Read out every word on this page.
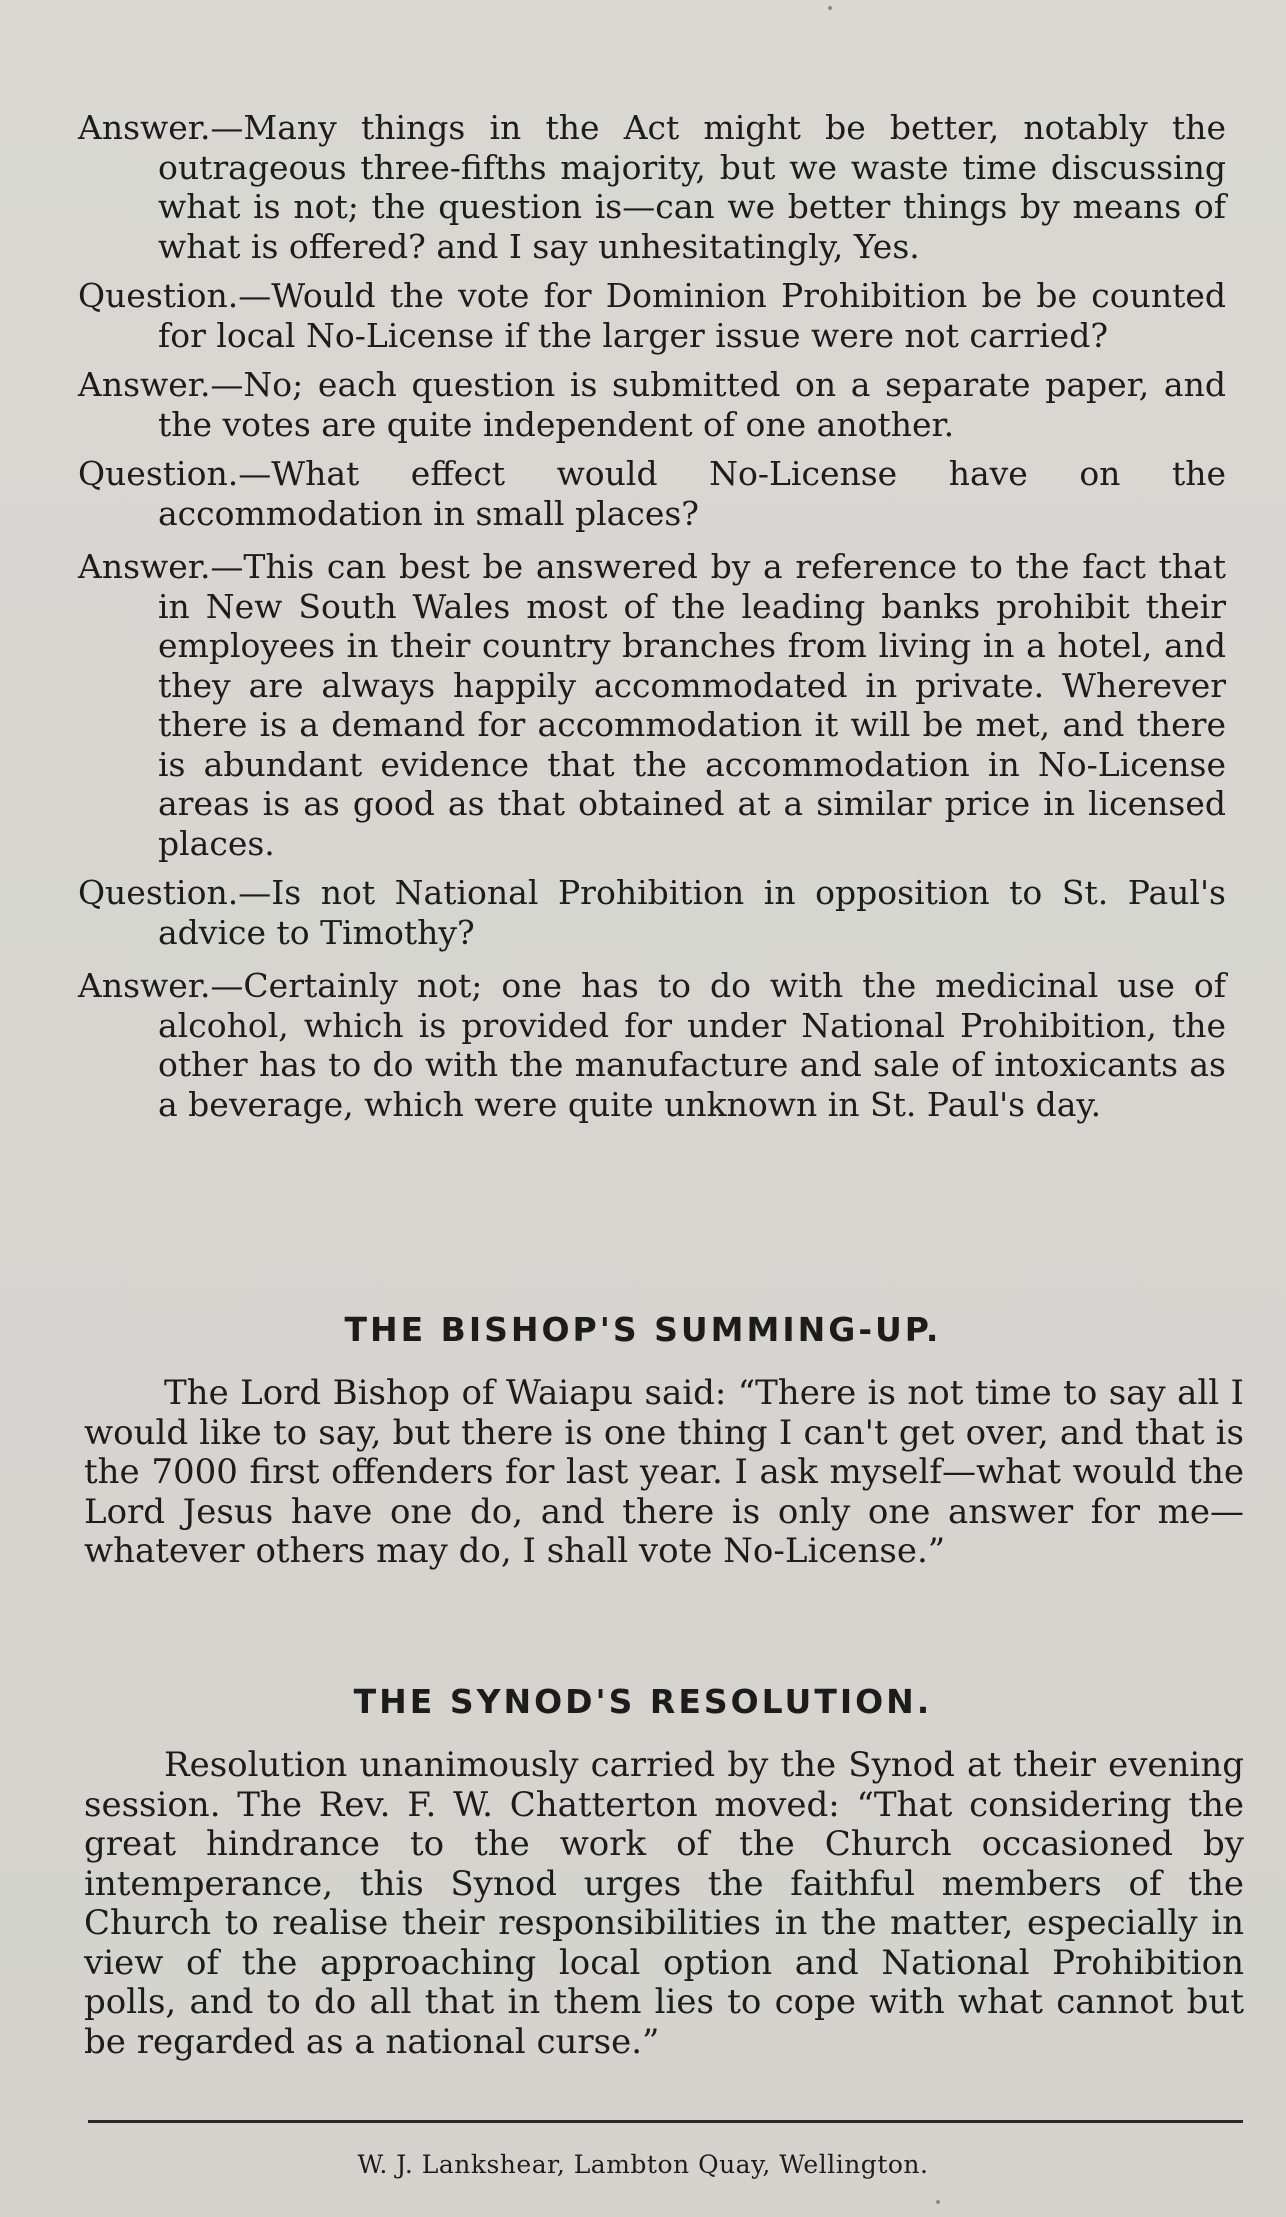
Answer.—Many things in the Act might be better, notably the outrageous three-fifths majority, but we waste time discussing what is not; the question is—can we better things by means of what is offered? and I say unhesitatingly, Yes.
Question.—Would the vote for Dominion Prohibition be be counted for local No-License if the larger issue were not carried?
Answer.—No; each question is submitted on a separate paper, and the votes are quite independent of one another.
Question.—What effect would No-License have on the accommodation in small places?
Answer.—This can best be answered by a reference to the fact that in New South Wales most of the leading banks prohibit their employees in their country branches from living in a hotel, and they are always happily accommodated in private. Wherever there is a demand for accommodation it will be met, and there is abundant evidence that the accommodation in No-License areas is as good as that obtained at a similar price in licensed places.
Question.—Is not National Prohibition in opposition to St. Paul's advice to Timothy?
Answer.—Certainly not; one has to do with the medicinal use of alcohol, which is provided for under National Prohibition, the other has to do with the manufacture and sale of intoxicants as a beverage, which were quite unknown in St. Paul's day.
THE BISHOP'S SUMMING-UP.
The Lord Bishop of Waiapu said: “There is not time to say all I would like to say, but there is one thing I can't get over, and that is the 7000 first offenders for last year. I ask myself—what would the Lord Jesus have one do, and there is only one answer for me—whatever others may do, I shall vote No-License.”
THE SYNOD'S RESOLUTION.
Resolution unanimously carried by the Synod at their evening session. The Rev. F. W. Chatterton moved: “That considering the great hindrance to the work of the Church occasioned by intemperance, this Synod urges the faithful members of the Church to realise their responsibilities in the matter, especially in view of the approaching local option and National Prohibition polls, and to do all that in them lies to cope with what cannot but be regarded as a national curse.”
W. J. Lankshear, Lambton Quay, Wellington.
